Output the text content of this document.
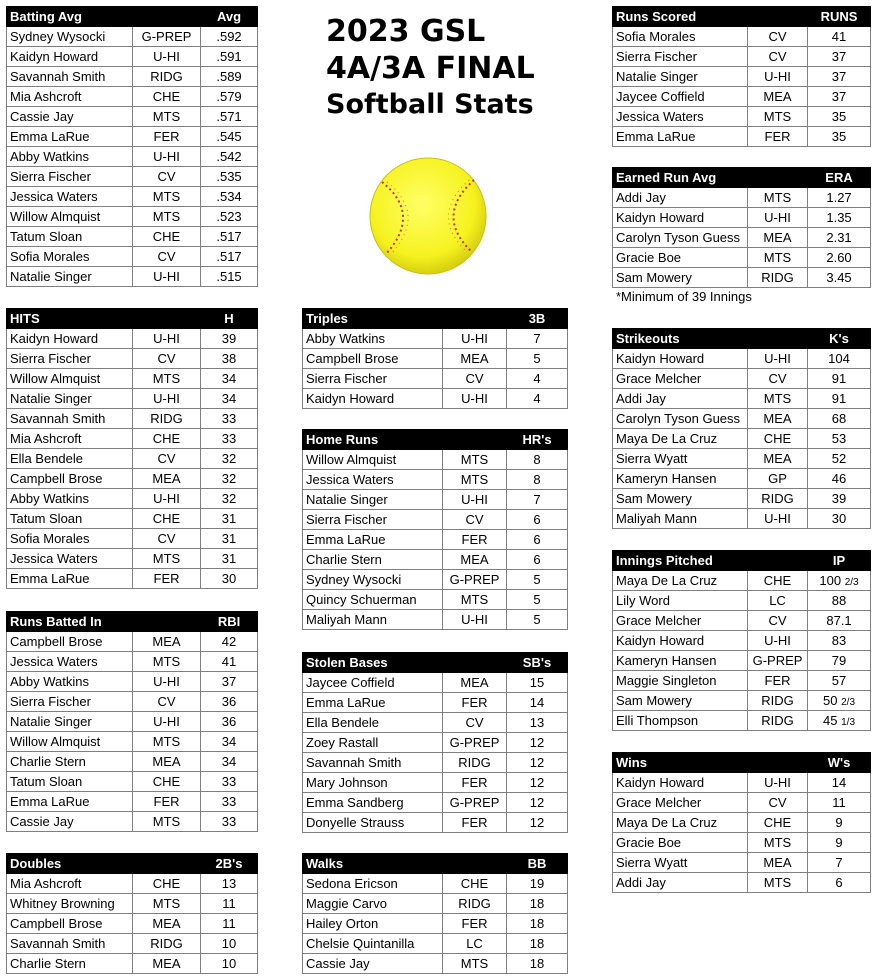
2023 GSL
4A/3A FINAL
Softball Stats
Batting Avg		Avg
Sydney Wysocki	G-PREP	.592
Kaidyn Howard	U-HI	.591
Savannah Smith	RIDG	.589
Mia Ashcroft	CHE	.579
Cassie Jay	MTS	.571
Emma LaRue	FER	.545
Abby Watkins	U-HI	.542
Sierra Fischer	CV	.535
Jessica Waters	MTS	.534
Willow Almquist	MTS	.523
Tatum Sloan	CHE	.517
Sofia Morales	CV	.517
Natalie Singer	U-HI	.515
HITS		H
Kaidyn Howard	U-HI	39
Sierra Fischer	CV	38
Willow Almquist	MTS	34
Natalie Singer	U-HI	34
Savannah Smith	RIDG	33
Mia Ashcroft	CHE	33
Ella Bendele	CV	32
Campbell Brose	MEA	32
Abby Watkins	U-HI	32
Tatum Sloan	CHE	31
Sofia Morales	CV	31
Jessica Waters	MTS	31
Emma LaRue	FER	30
Runs Batted In		RBI
Campbell Brose	MEA	42
Jessica Waters	MTS	41
Abby Watkins	U-HI	37
Sierra Fischer	CV	36
Natalie Singer	U-HI	36
Willow Almquist	MTS	34
Charlie Stern	MEA	34
Tatum Sloan	CHE	33
Emma LaRue	FER	33
Cassie Jay	MTS	33
Doubles		2B's
Mia Ashcroft	CHE	13
Whitney Browning	MTS	11
Campbell Brose	MEA	11
Savannah Smith	RIDG	10
Charlie Stern	MEA	10
Triples		3B
Abby Watkins	U-HI	7
Campbell Brose	MEA	5
Sierra Fischer	CV	4
Kaidyn Howard	U-HI	4
Home Runs		HR's
Willow Almquist	MTS	8
Jessica Waters	MTS	8
Natalie Singer	U-HI	7
Sierra Fischer	CV	6
Emma LaRue	FER	6
Charlie Stern	MEA	6
Sydney Wysocki	G-PREP	5
Quincy Schuerman	MTS	5
Maliyah Mann	U-HI	5
Stolen Bases		SB's
Jaycee Coffield	MEA	15
Emma LaRue	FER	14
Ella Bendele	CV	13
Zoey Rastall	G-PREP	12
Savannah Smith	RIDG	12
Mary Johnson	FER	12
Emma Sandberg	G-PREP	12
Donyelle Strauss	FER	12
Walks		BB
Sedona Ericson	CHE	19
Maggie Carvo	RIDG	18
Hailey Orton	FER	18
Chelsie Quintanilla	LC	18
Cassie Jay	MTS	18
Runs Scored		RUNS
Sofia Morales	CV	41
Sierra Fischer	CV	37
Natalie Singer	U-HI	37
Jaycee Coffield	MEA	37
Jessica Waters	MTS	35
Emma LaRue	FER	35
Earned Run Avg		ERA
Addi Jay	MTS	1.27
Kaidyn Howard	U-HI	1.35
Carolyn Tyson Guess	MEA	2.31
Gracie Boe	MTS	2.60
Sam Mowery	RIDG	3.45
*Minimum of 39 Innings
Strikeouts		K's
Kaidyn Howard	U-HI	104
Grace Melcher	CV	91
Addi Jay	MTS	91
Carolyn Tyson Guess	MEA	68
Maya De La Cruz	CHE	53
Sierra Wyatt	MEA	52
Kameryn Hansen	GP	46
Sam Mowery	RIDG	39
Maliyah Mann	U-HI	30
Innings Pitched		IP
Maya De La Cruz	CHE	100 2/3
Lily Word	LC	88
Grace Melcher	CV	87.1
Kaidyn Howard	U-HI	83
Kameryn Hansen	G-PREP	79
Maggie Singleton	FER	57
Sam Mowery	RIDG	50 2/3
Elli Thompson	RIDG	45 1/3
Wins		W's
Kaidyn Howard	U-HI	14
Grace Melcher	CV	11
Maya De La Cruz	CHE	9
Gracie Boe	MTS	9
Sierra Wyatt	MEA	7
Addi Jay	MTS	6
